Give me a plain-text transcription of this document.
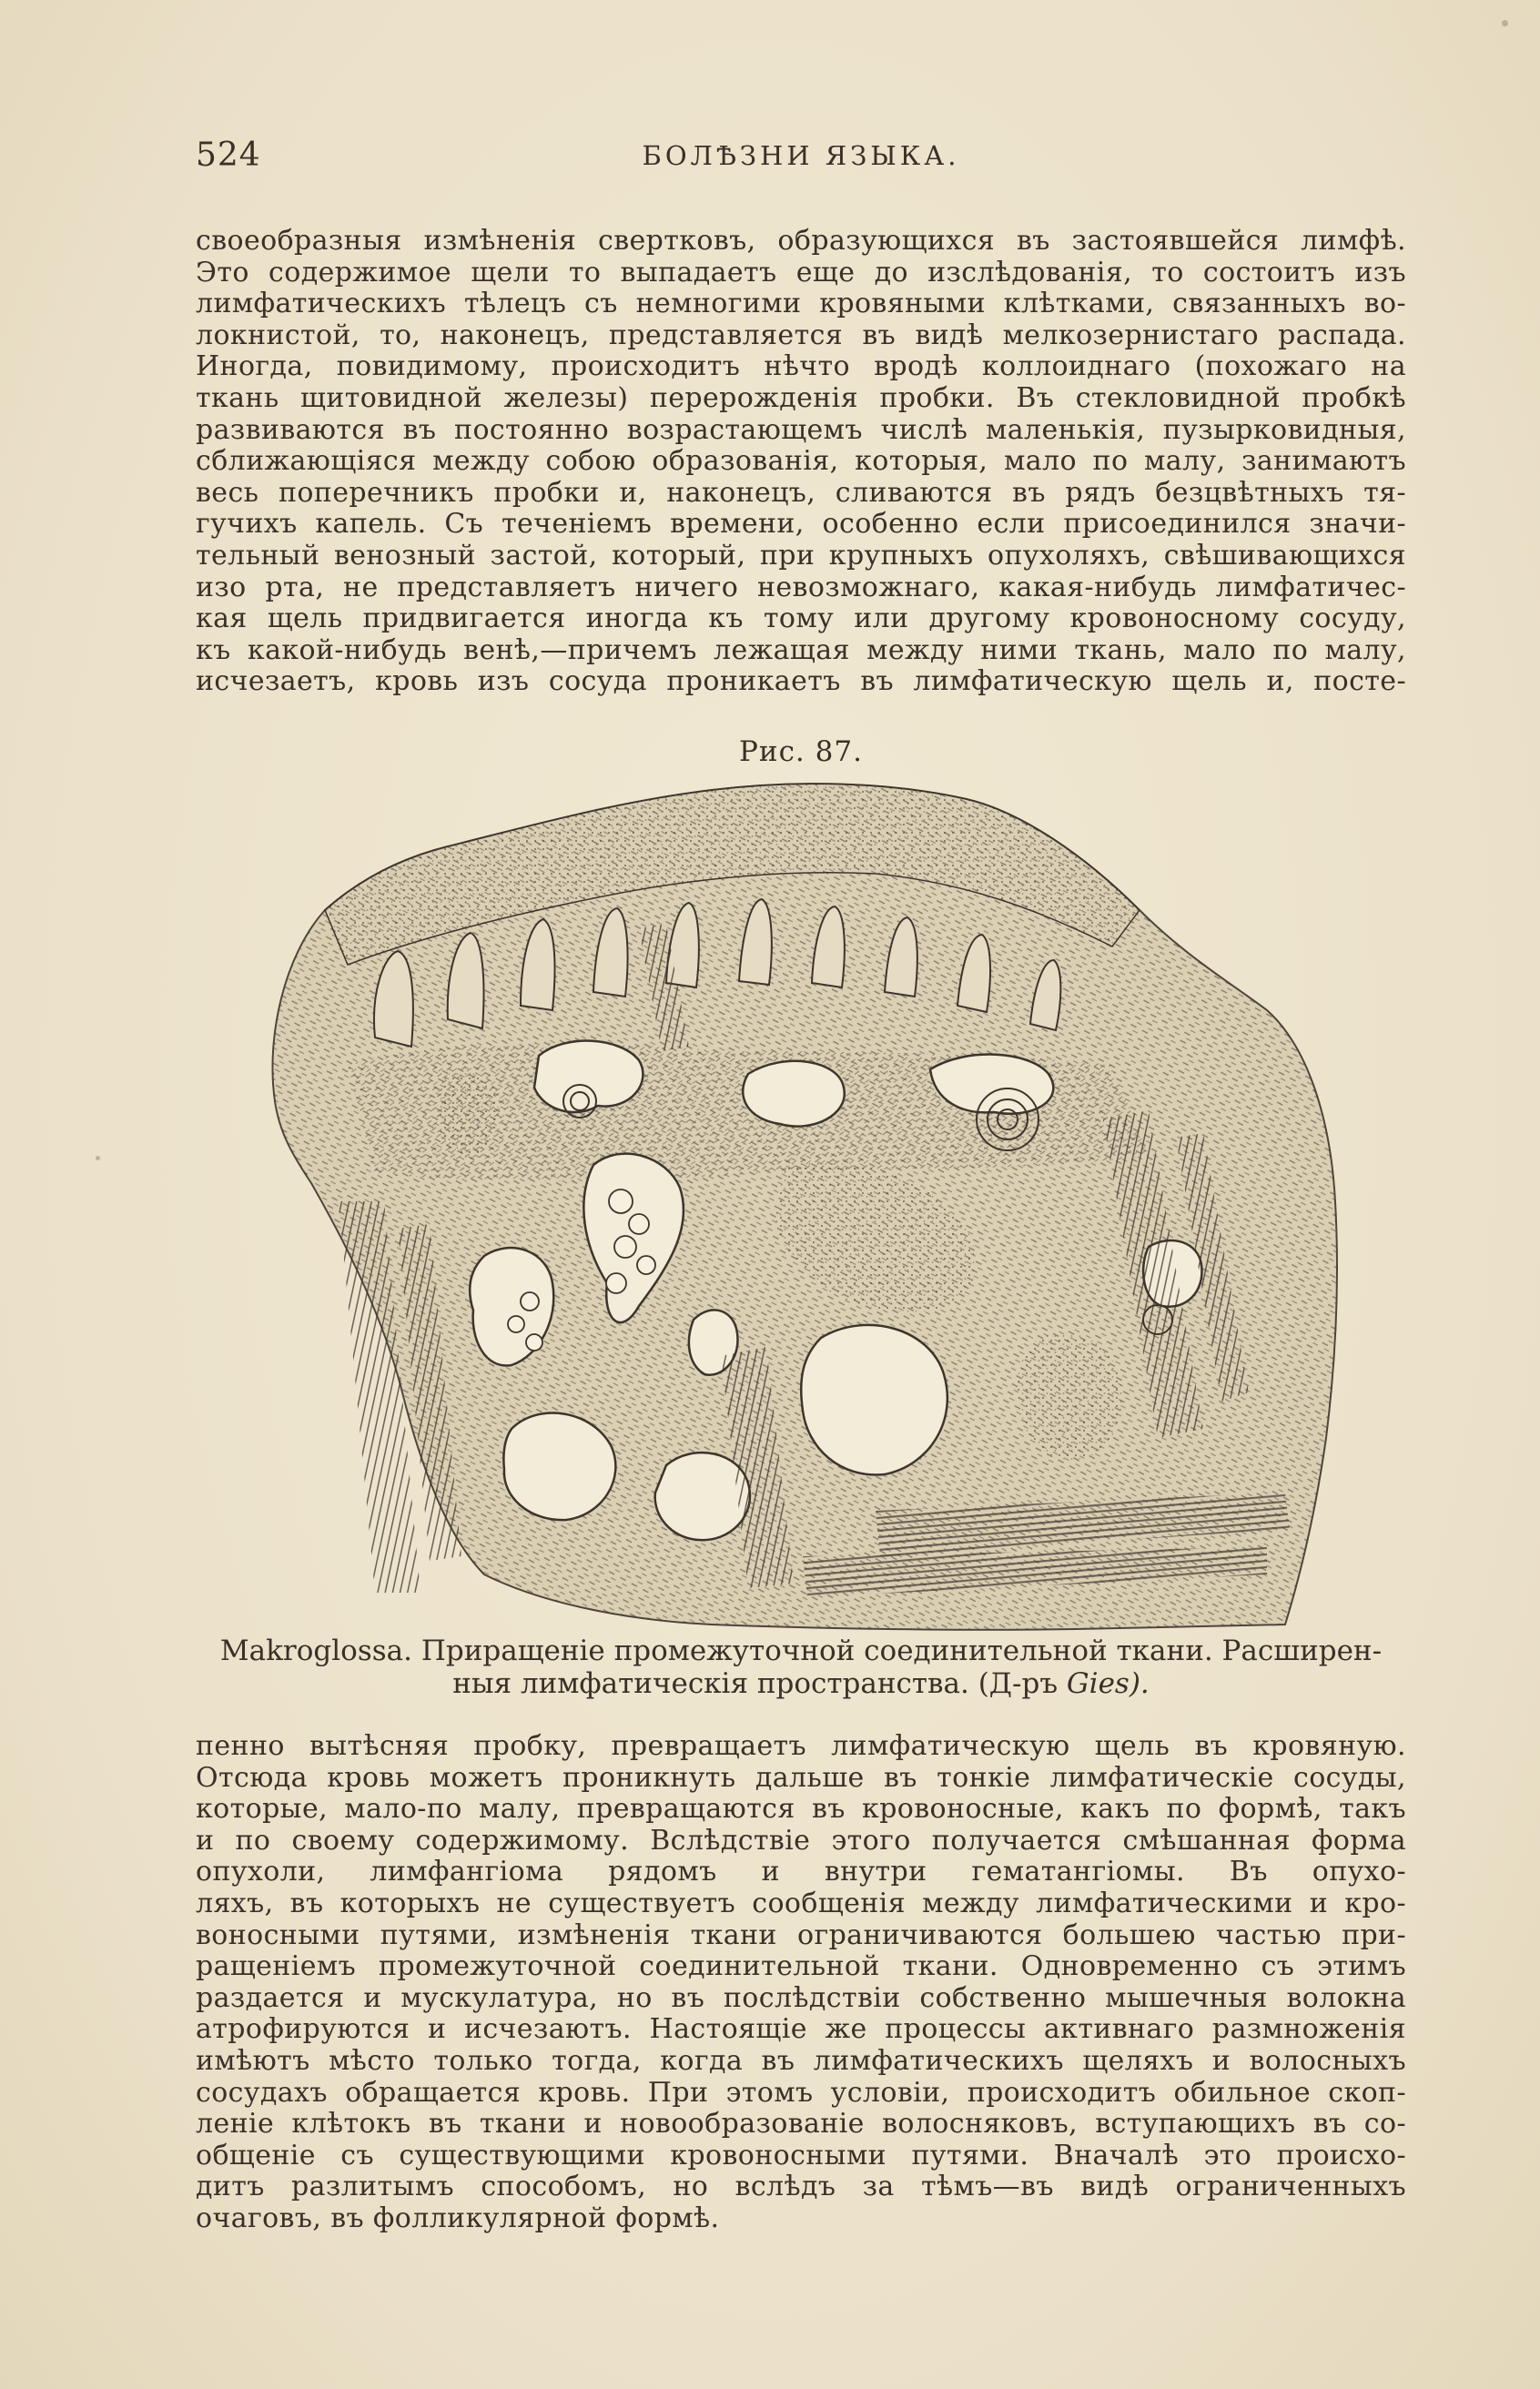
524	БОЛѢЗНИ ЯЗЫКА.
своеобразныя измѣненія свертковъ, образующихся въ застоявшейся лимфѣ.
Это содержимое щели то выпадаетъ еще до изслѣдованія, то состоитъ изъ
лимфатическихъ тѣлецъ съ немногими кровяными клѣтками, связанныхъ во-
локнистой, то, наконецъ, представляется въ видѣ мелкозернистаго распада.
Иногда, повидимому, происходитъ нѣчто вродѣ коллоиднаго (похожаго на
ткань щитовидной железы) перерожденія пробки. Въ стекловидной пробкѣ
развиваются въ постоянно возрастающемъ числѣ маленькія, пузырковидныя,
сближающіяся между собою образованія, которыя, мало по малу, занимаютъ
весь поперечникъ пробки и, наконецъ, сливаются въ рядъ безцвѣтныхъ тя-
гучихъ капель. Съ теченіемъ времени, особенно если присоединился значи-
тельный венозный застой, который, при крупныхъ опухоляхъ, свѣшивающихся
изо рта, не представляетъ ничего невозможнаго, какая-нибудь лимфатичес-
кая щель придвигается иногда къ тому или другому кровоносному сосуду,
къ какой-нибудь венѣ,—причемъ лежащая между ними ткань, мало по малу,
исчезаетъ, кровь изъ сосуда проникаетъ въ лимфатическую щель и, посте-
Рис. 87.
Makroglossa. Приращеніе промежуточной соединительной ткани. Расширен-
ныя лимфатическія пространства. (Д-ръ Gies).
пенно вытѣсняя пробку, превращаетъ лимфатическую щель въ кровяную.
Отсюда кровь можетъ проникнуть дальше въ тонкіе лимфатическіе сосуды,
которые, мало-по малу, превращаются въ кровоносные, какъ по формѣ, такъ
и по своему содержимому. Вслѣдствіе этого получается смѣшанная форма
опухоли, лимфангіома рядомъ и внутри гематангіомы. Въ опухо-
ляхъ, въ которыхъ не существуетъ сообщенія между лимфатическими и кро-
воносными путями, измѣненія ткани ограничиваются большею частью при-
ращеніемъ промежуточной соединительной ткани. Одновременно съ этимъ
раздается и мускулатура, но въ послѣдствіи собственно мышечныя волокна
атрофируются и исчезаютъ. Настоящіе же процессы активнаго размноженія
имѣютъ мѣсто только тогда, когда въ лимфатическихъ щеляхъ и волосныхъ
сосудахъ обращается кровь. При этомъ условіи, происходитъ обильное скоп-
леніе клѣтокъ въ ткани и новообразованіе волосняковъ, вступающихъ въ со-
общеніе съ существующими кровоносными путями. Вначалѣ это происхо-
дитъ разлитымъ способомъ, но вслѣдъ за тѣмъ—въ видѣ ограниченныхъ
очаговъ, въ фолликулярной формѣ.
